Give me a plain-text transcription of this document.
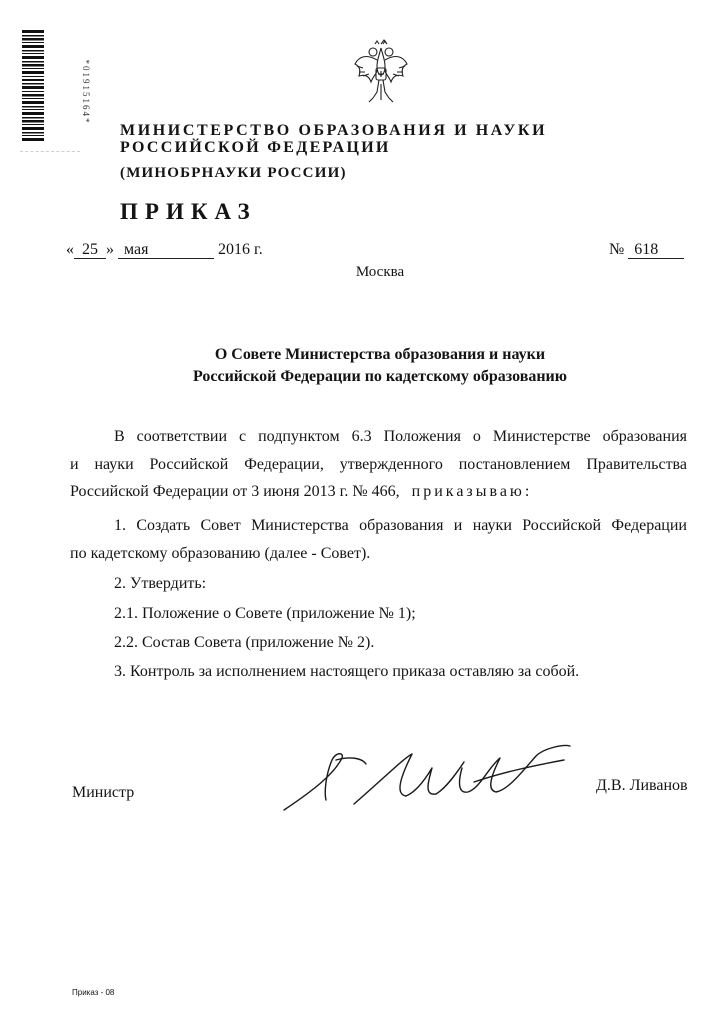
*01915164*
МИНИСТЕРСТВО ОБРАЗОВАНИЯ И НАУКИ
РОССИЙСКОЙ ФЕДЕРАЦИИ
(МИНОБРНАУКИ РОССИИ)
ПРИКАЗ
« 25 » мая	2016 г.	№ 618
Москва
О Совете Министерства образования и науки
Российской Федерации по кадетскому образованию
В соответствии с подпунктом 6.3 Положения о Министерстве образования
и науки Российской Федерации, утвержденного постановлением Правительства
Российской Федерации от 3 июня 2013 г. № 466, приказываю:
1. Создать Совет Министерства образования и науки Российской Федерации
по кадетскому образованию (далее - Совет).
2. Утвердить:
2.1. Положение о Совете (приложение № 1);
2.2. Состав Совета (приложение № 2).
3. Контроль за исполнением настоящего приказа оставляю за собой.
Министр	Д.В. Ливанов
Приказ - 08
